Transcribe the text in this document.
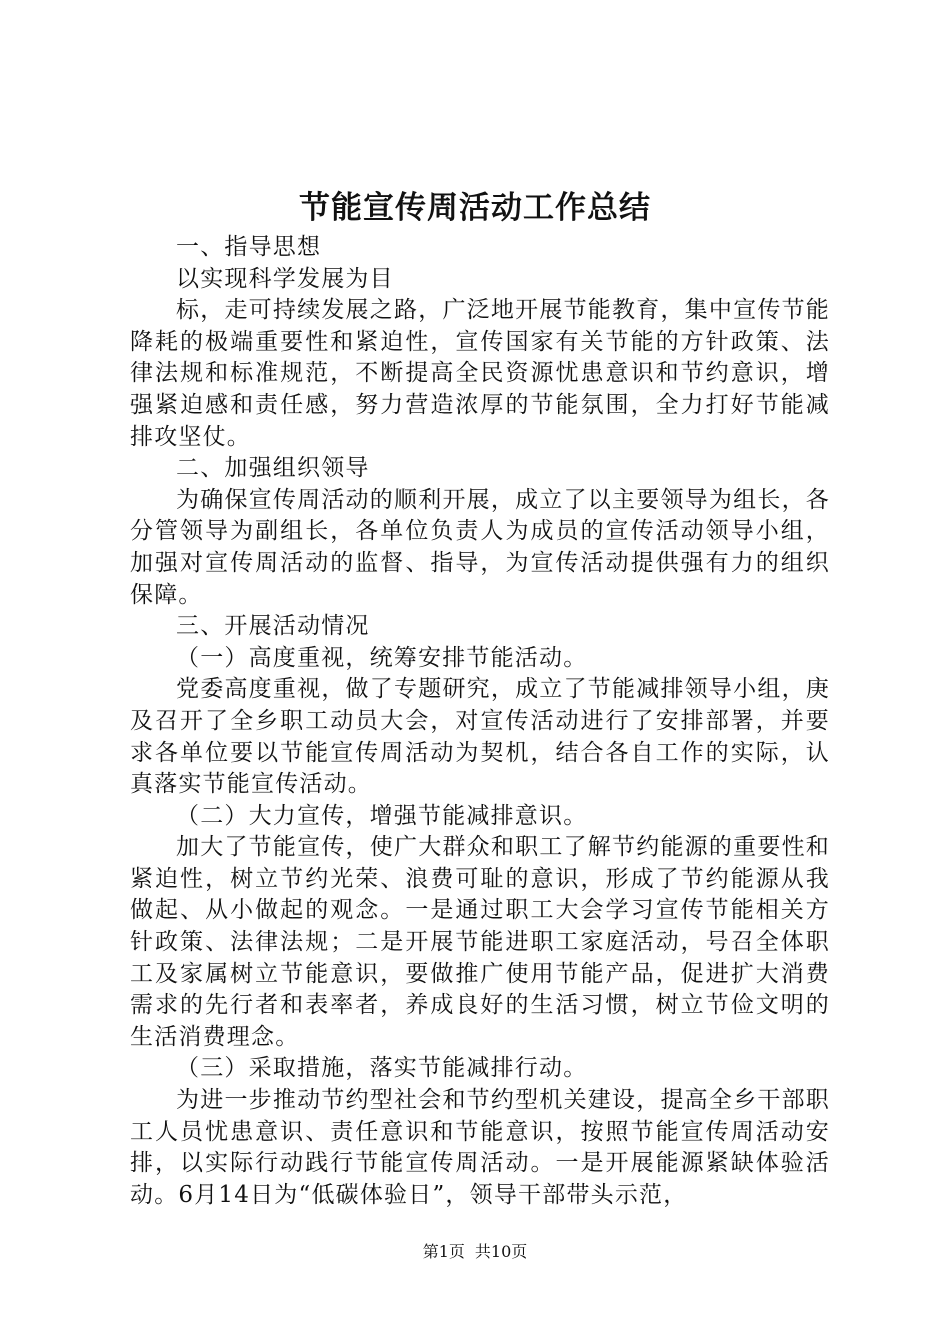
节能宣传周活动工作总结

一、指导思想

以实现科学发展为目

标，走可持续发展之路，广泛地开展节能教育，集中宣传节能降耗的极端重要性和紧迫性，宣传国家有关节能的方针政策、法律法规和标准规范，不断提高全民资源忧患意识和节约意识，增强紧迫感和责任感，努力营造浓厚的节能氛围，全力打好节能减排攻坚仗。

二、加强组织领导

为确保宣传周活动的顺利开展，成立了以主要领导为组长，各分管领导为副组长，各单位负责人为成员的宣传活动领导小组，加强对宣传周活动的监督、指导，为宣传活动提供强有力的组织保障。

三、开展活动情况

（一）高度重视，统筹安排节能活动。

党委高度重视，做了专题研究，成立了节能减排领导小组，庚及召开了全乡职工动员大会，对宣传活动进行了安排部署，并要求各单位要以节能宣传周活动为契机，结合各自工作的实际，认真落实节能宣传活动。

（二）大力宣传，增强节能减排意识。

加大了节能宣传，使广大群众和职工了解节约能源的重要性和紧迫性，树立节约光荣、浪费可耻的意识，形成了节约能源从我做起、从小做起的观念。一是通过职工大会学习宣传节能相关方针政策、法律法规；二是开展节能进职工家庭活动，号召全体职工及家属树立节能意识，要做推广使用节能产品，促进扩大消费需求的先行者和表率者，养成良好的生活习惯，树立节俭文明的生活消费理念。

（三）采取措施，落实节能减排行动。

为进一步推动节约型社会和节约型机关建设，提高全乡干部职工人员忧患意识、责任意识和节能意识，按照节能宣传周活动安排，以实际行动践行节能宣传周活动。一是开展能源紧缺体验活动。6月14日为“低碳体验日”，领导干部带头示范，

第1页 共10页
